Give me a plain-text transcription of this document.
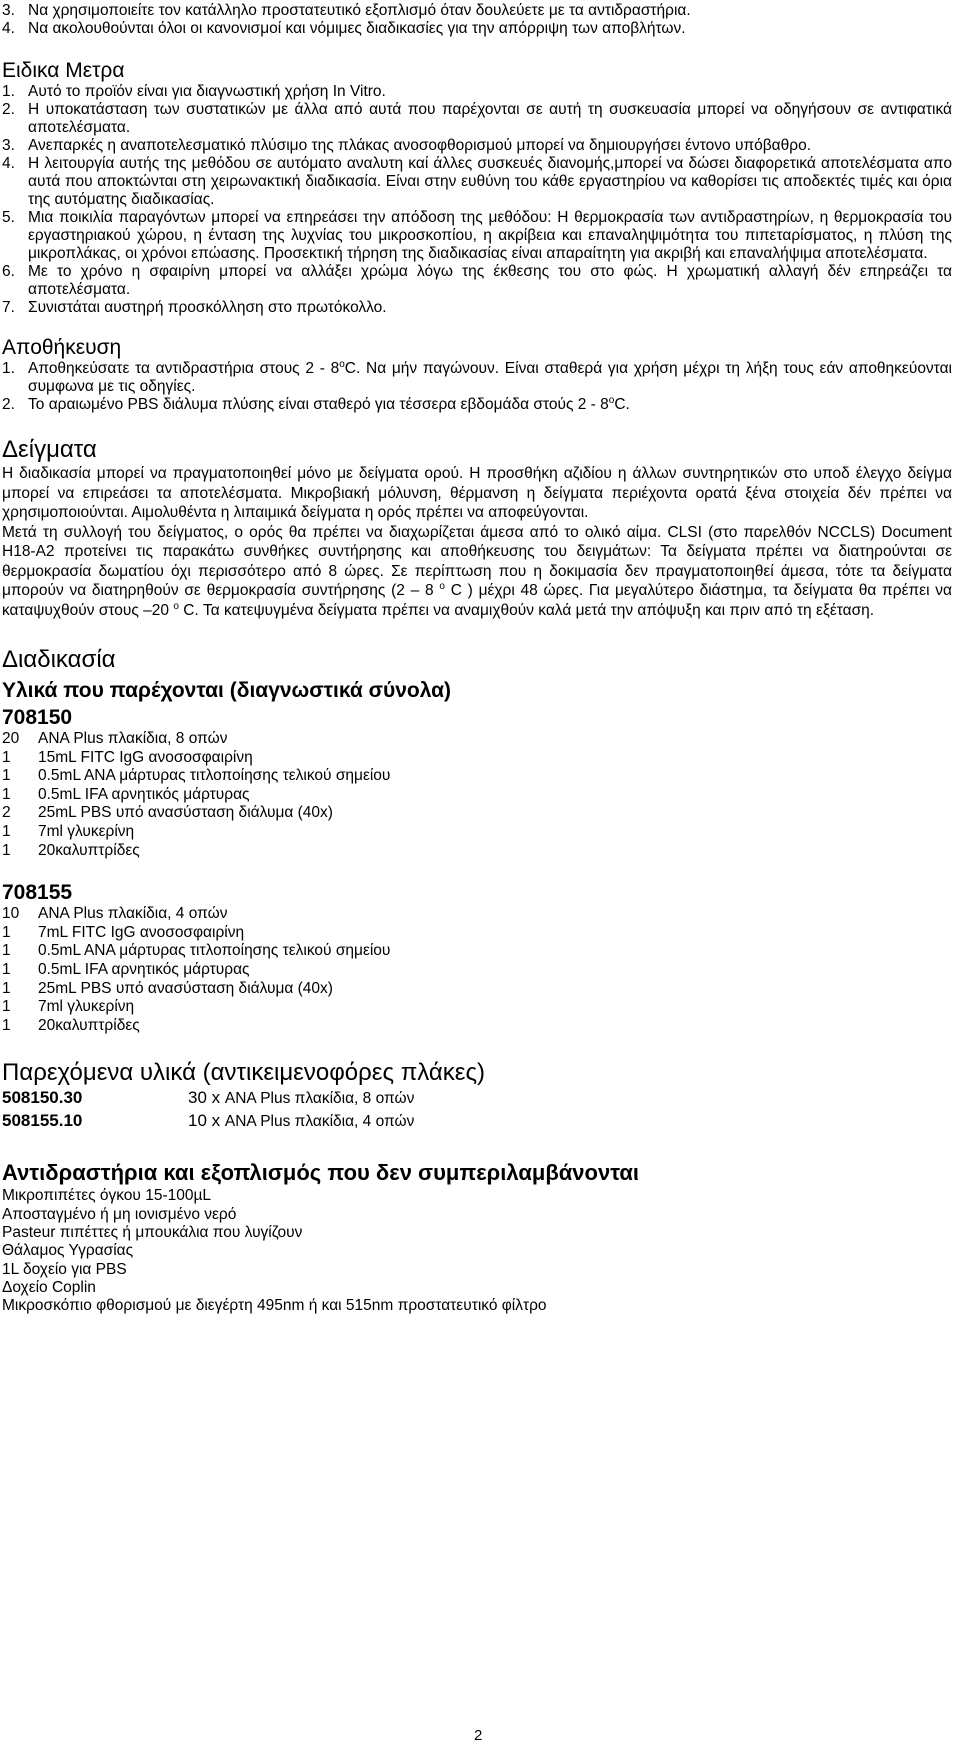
3. Να χρησιμοποιείτε τον κατάλληλο προστατευτικό εξοπλισμό όταν δουλεύετε με τα αντιδραστήρια.
4. Να ακολουθούνται όλοι οι κανονισμοί και νόμιμες διαδικασίες για την απόρριψη των αποβλήτων.
Ειδικα Μετρα
1. Αυτό το προϊόν είναι για διαγνωστική χρήση In Vitro.
2. Η υποκατάσταση των συστατικών με άλλα από αυτά που παρέχονται σε αυτή τη συσκευασία μπορεί να οδηγήσουν σε αντιφατικά αποτελέσματα.
3. Ανεπαρκές η αναποτελεσματικό πλύσιμο της πλάκας ανοσοφθορισμού μπορεί να δημιουργήσει έντονο υπόβαθρο.
4. Η λειτουργία αυτής της μεθόδου σε αυτόματο αναλυτη καί άλλες συσκευές διανομής,μπορεί να δώσει διαφορετικά αποτελέσματα απο αυτά που αποκτώνται στη χειρωνακτική διαδικασία. Είναι στην ευθύνη του κάθε εργαστηρίου να καθορίσει τις αποδεκτές τιμές και όρια της αυτόματης διαδικασίας.
5. Μια ποικιλία παραγόντων μπορεί να επηρεάσει την απόδοση της μεθόδου: Η θερμοκρασία των αντιδραστηρίων, η θερμοκρασία του εργαστηριακού χώρου, η ένταση της λυχνίας του μικροσκοπίου, η ακρίβεια και επαναληψιμότητα του πιπεταρίσματος, η πλύση της μικροπλάκας, οι χρόνοι επώασης. Προσεκτική τήρηση της διαδικασίας είναι απαραίτητη για ακριβή και επαναλήψιμα αποτελέσματα.
6. Με το χρόνο η σφαιρίνη μπορεί να αλλάξει χρώμα λόγω της έκθεσης του στο φώς. Η χρωματική αλλαγή δέν επηρεάζει τα αποτελέσματα.
7. Συνιστάται αυστηρή προσκόλληση στο πρωτόκολλο.
Αποθήκευση
1. Αποθηκεύσατε τα αντιδραστήρια στους 2 - 8$^o$C. Να μήν παγώνουν. Είναι σταθερά για χρήση μέχρι τη λήξη τους εάν αποθηκεύονται συμφωνα με τις οδηγίες.
2. Το αραιωμένο PBS διάλυμα πλύσης είναι σταθερό για τέσσερα εβδομάδα στούς 2 - 8$^o$C.
Δείγματα
Η διαδικασία μπορεί να πραγματοποιηθεί μόνο με δείγματα ορού. Η προσθήκη αζιδίου η άλλων συντηρητικών στο υποδ έλεγχο δείγμα μπορεί να επιρεάσει τα αποτελέσματα. Μικροβιακή μόλυνση, θέρμανση η δείγματα περιέχοντα ορατά ξένα στοιχεία δέν πρέπει να χρησιμοποιούνται. Αιμολυθέντα η λιπαιμικά δείγματα η ορός πρέπει να αποφεύγονται.
Μετά τη συλλογή του δείγματος, ο ορός θα πρέπει να διαχωρίζεται άμεσα από το ολικό αίμα. CLSI (στο παρελθόν NCCLS) Document H18-A2 προτείνει τις παρακάτω συνθήκες συντήρησης και αποθήκευσης του δειγμάτων: Τα δείγματα πρέπει να διατηρούνται σε θερμοκρασία δωματίου όχι περισσότερο από 8 ώρες. Σε περίπτωση που η δοκιμασία δεν πραγματοποιηθεί άμεσα, τότε τα δείγματα μπορούν να διατηρηθούν σε θερμοκρασία συντήρησης (2 – 8 $^o$ C ) μέχρι 48 ώρες. Για μεγαλύτερο διάστημα, τα δείγματα θα πρέπει να καταψυχθούν στους –20 $^o$ C. Τα κατεψυγμένα δείγματα πρέπει να αναμιχθούν καλά μετά την απόψυξη και πριν από τη εξέταση.
Διαδικασία
Υλικά που παρέχονται (διαγνωστικά σύνολα)
708150
20	ANA Plus πλακίδια, 8 οπών
1	15mL FITC IgG ανοσοσφαιρίνη
1	0.5mL ANA μάρτυρας τιτλοποίησης τελικού σημείου
1	0.5mL IFA αρνητικός μάρτυρας
2	25mL PBS υπό ανασύσταση διάλυμα (40x)
1	7ml γλυκερίνη
1	20καλυπτρίδες
708155
10	ANA Plus πλακίδια, 4 οπών
1	7mL FITC IgG ανοσοσφαιρίνη
1	0.5mL ANA μάρτυρας τιτλοποίησης τελικού σημείου
1	0.5mL IFA αρνητικός μάρτυρας
1	25mL PBS υπό ανασύσταση διάλυμα (40x)
1	7ml γλυκερίνη
1	20καλυπτρίδες
Παρεχόμενα υλικά (αντικειμενοφόρες πλάκες)
508150.30	30 x ANA Plus πλακίδια, 8 οπών
508155.10	10 x ANA Plus πλακίδια, 4 οπών
Αντιδραστήρια και εξοπλισμός που δεν συμπεριλαμβάνονται
Μικροπιπέτες όγκου 15-100µL
Αποσταγμένο ή μη ιονισμένο νερό
Pasteur πιπέττες ή μπουκάλια που λυγίζουν
Θάλαμος Υγρασίας
1L δοχείο για PBS
Δοχείο Coplin
Μικροσκόπιο φθορισμού με διεγέρτη 495nm ή και 515nm προστατευτικό φίλτρο
2
